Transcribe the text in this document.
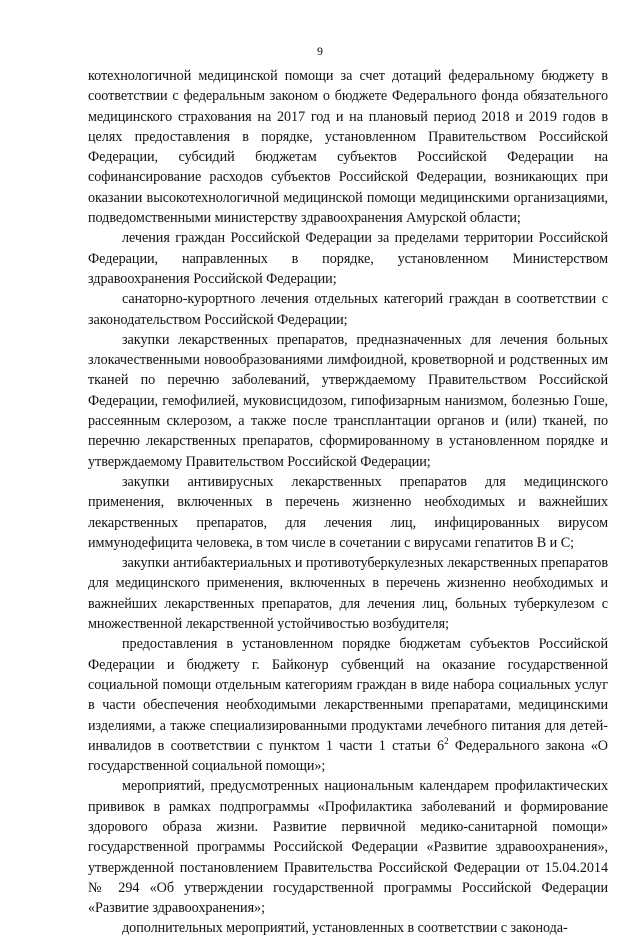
9

котехнологичной медицинской помощи за счет дотаций федеральному бюджету в соответствии с федеральным законом о бюджете Федерального фонда обязательного медицинского страхования на 2017 год и на плановый период 2018 и 2019 годов в целях предоставления в порядке, установленном Правительством Российской Федерации, субсидий бюджетам субъектов Российской Федерации на софинансирование расходов субъектов Российской Федерации, возникающих при оказании высокотехнологичной медицинской помощи медицинскими организациями, подведомственными министерству здравоохранения Амурской области;

лечения граждан Российской Федерации за пределами территории Российской Федерации, направленных в порядке, установленном Министерством здравоохранения Российской Федерации;

санаторно-курортного лечения отдельных категорий граждан в соответствии с законодательством Российской Федерации;

закупки лекарственных препаратов, предназначенных для лечения больных злокачественными новообразованиями лимфоидной, кроветворной и родственных им тканей по перечню заболеваний, утверждаемому Правительством Российской Федерации, гемофилией, муковисцидозом, гипофизарным нанизмом, болезнью Гоше, рассеянным склерозом, а также после трансплантации органов и (или) тканей, по перечню лекарственных препаратов, сформированному в установленном порядке и утверждаемому Правительством Российской Федерации;

закупки антивирусных лекарственных препаратов для медицинского применения, включенных в перечень жизненно необходимых и важнейших лекарственных препаратов, для лечения лиц, инфицированных вирусом иммунодефицита человека, в том числе в сочетании с вирусами гепатитов В и С;

закупки антибактериальных и противотуберкулезных лекарственных препаратов для медицинского применения, включенных в перечень жизненно необходимых и важнейших лекарственных препаратов, для лечения лиц, больных туберкулезом с множественной лекарственной устойчивостью возбудителя;

предоставления в установленном порядке бюджетам субъектов Российской Федерации и бюджету г. Байконур субвенций на оказание государственной социальной помощи отдельным категориям граждан в виде набора социальных услуг в части обеспечения необходимыми лекарственными препаратами, медицинскими изделиями, а также специализированными продуктами лечебного питания для детей-инвалидов в соответствии с пунктом 1 части 1 статьи $6^2$ Федерального закона «О государственной социальной помощи»;

мероприятий, предусмотренных национальным календарем профилактических прививок в рамках подпрограммы «Профилактика заболеваний и формирование здорового образа жизни. Развитие первичной медико-санитарной помощи» государственной программы Российской Федерации «Развитие здравоохранения», утвержденной постановлением Правительства Российской Федерации от 15.04.2014 № 294 «Об утверждении государственной программы Российской Федерации «Развитие здравоохранения»;

дополнительных мероприятий, установленных в соответствии с законода-
